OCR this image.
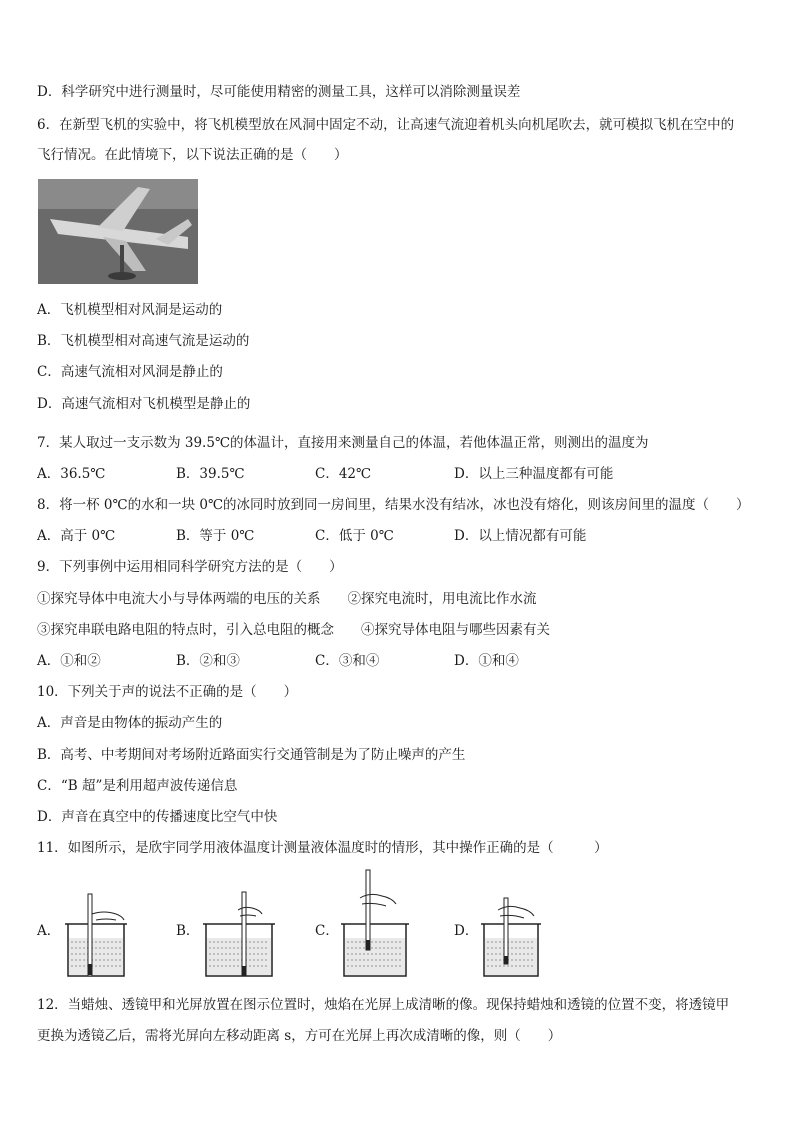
D．科学研究中进行测量时，尽可能使用精密的测量工具，这样可以消除测量误差
6．在新型飞机的实验中，将飞机模型放在风洞中固定不动，让高速气流迎着机头向机尾吹去，就可模拟飞机在空中的
飞行情况。在此情境下，以下说法正确的是（　　）
A．飞机模型相对风洞是运动的
B．飞机模型相对高速气流是运动的
C．高速气流相对风洞是静止的
D．高速气流相对飞机模型是静止的
7．某人取过一支示数为 39.5℃的体温计，直接用来测量自己的体温，若他体温正常，则测出的温度为
A．36.5℃	B．39.5℃	C．42℃	D．以上三种温度都有可能
8．将一杯 0℃的水和一块 0℃的冰同时放到同一房间里，结果水没有结冰，冰也没有熔化，则该房间里的温度（　　）
A．高于 0℃	B．等于 0℃	C．低于 0℃	D．以上情况都有可能
9．下列事例中运用相同科学研究方法的是（　　）
①探究导体中电流大小与导体两端的电压的关系　　②探究电流时，用电流比作水流
③探究串联电路电阻的特点时，引入总电阻的概念　　④探究导体电阻与哪些因素有关
A．①和②	B．②和③	C．③和④	D．①和④
10．下列关于声的说法不正确的是（　　）
A．声音是由物体的振动产生的
B．高考、中考期间对考场附近路面实行交通管制是为了防止噪声的产生
C．“B 超”是利用超声波传递信息
D．声音在真空中的传播速度比空气中快
11．如图所示，是欣宇同学用液体温度计测量液体温度时的情形，其中操作正确的是（　　　）
A．	B．	C．	D．
12．当蜡烛、透镜甲和光屏放置在图示位置时，烛焰在光屏上成清晰的像。现保持蜡烛和透镜的位置不变，将透镜甲
更换为透镜乙后，需将光屏向左移动距离 s，方可在光屏上再次成清晰的像，则（　　）
